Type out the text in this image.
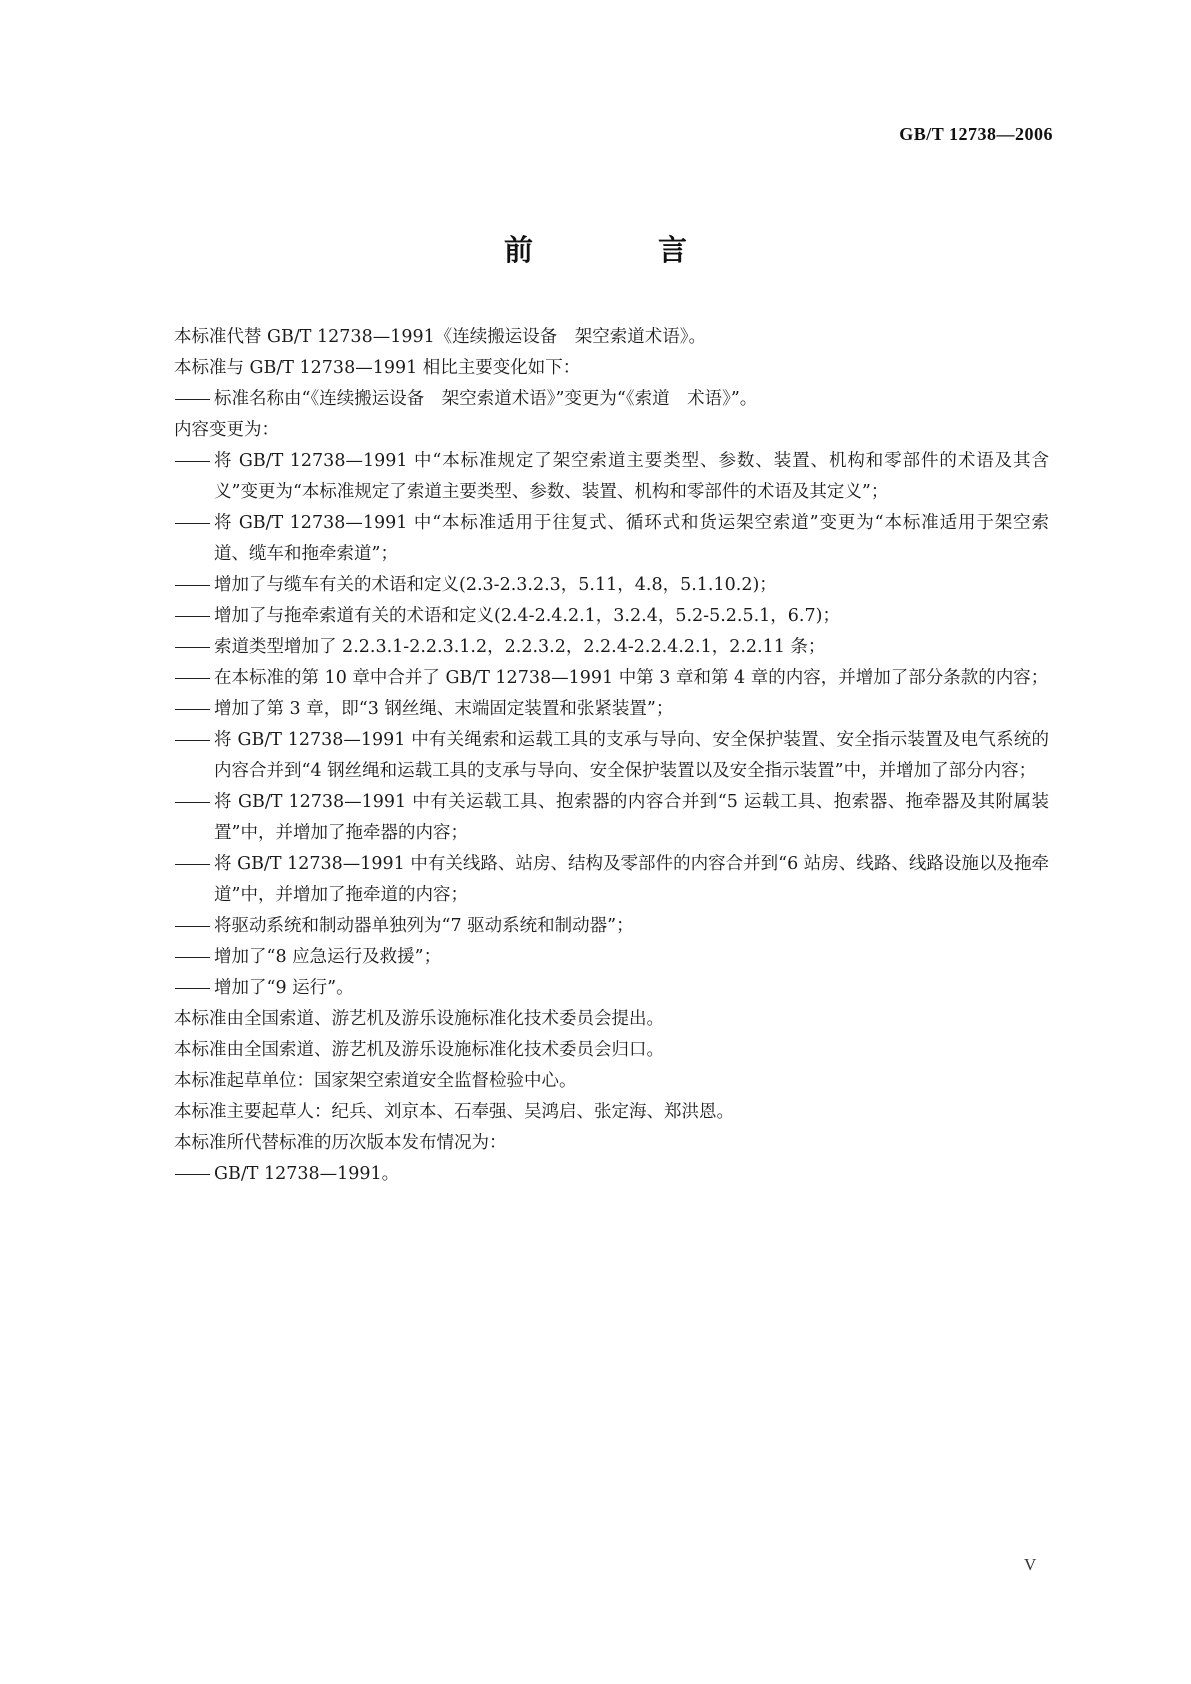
GB/T 12738—2006
前　言

本标准代替 GB/T 12738—1991《连续搬运设备　架空索道术语》。

本标准与 GB/T 12738—1991 相比主要变化如下：

标准名称由“《连续搬运设备　架空索道术语》”变更为“《索道　术语》”。

内容变更为：

将 GB/T 12738—1991 中“本标准规定了架空索道主要类型、参数、装置、机构和零部件的术语及其含义”变更为“本标准规定了索道主要类型、参数、装置、机构和零部件的术语及其定义”；

将 GB/T 12738—1991 中“本标准适用于往复式、循环式和货运架空索道”变更为“本标准适用于架空索道、缆车和拖牵索道”；

增加了与缆车有关的术语和定义(2.3-2.3.2.3，5.11，4.8，5.1.10.2)；

增加了与拖牵索道有关的术语和定义(2.4-2.4.2.1，3.2.4，5.2-5.2.5.1，6.7)；

索道类型增加了 2.2.3.1-2.2.3.1.2，2.2.3.2，2.2.4-2.2.4.2.1，2.2.11 条；

在本标准的第 10 章中合并了 GB/T 12738—1991 中第 3 章和第 4 章的内容，并增加了部分条款的内容；

增加了第 3 章，即“3 钢丝绳、末端固定装置和张紧装置”；

将 GB/T 12738—1991 中有关绳索和运载工具的支承与导向、安全保护装置、安全指示装置及电气系统的内容合并到“4 钢丝绳和运载工具的支承与导向、安全保护装置以及安全指示装置”中，并增加了部分内容；

将 GB/T 12738—1991 中有关运载工具、抱索器的内容合并到“5 运载工具、抱索器、拖牵器及其附属装置”中，并增加了拖牵器的内容；

将 GB/T 12738—1991 中有关线路、站房、结构及零部件的内容合并到“6 站房、线路、线路设施以及拖牵道”中，并增加了拖牵道的内容；

将驱动系统和制动器单独列为“7 驱动系统和制动器”；

增加了“8 应急运行及救援”；

增加了“9 运行”。

本标准由全国索道、游艺机及游乐设施标准化技术委员会提出。

本标准由全国索道、游艺机及游乐设施标准化技术委员会归口。

本标准起草单位：国家架空索道安全监督检验中心。

本标准主要起草人：纪兵、刘京本、石奉强、吴鸿启、张定海、郑洪恩。

本标准所代替标准的历次版本发布情况为：

GB/T 12738—1991。

V
